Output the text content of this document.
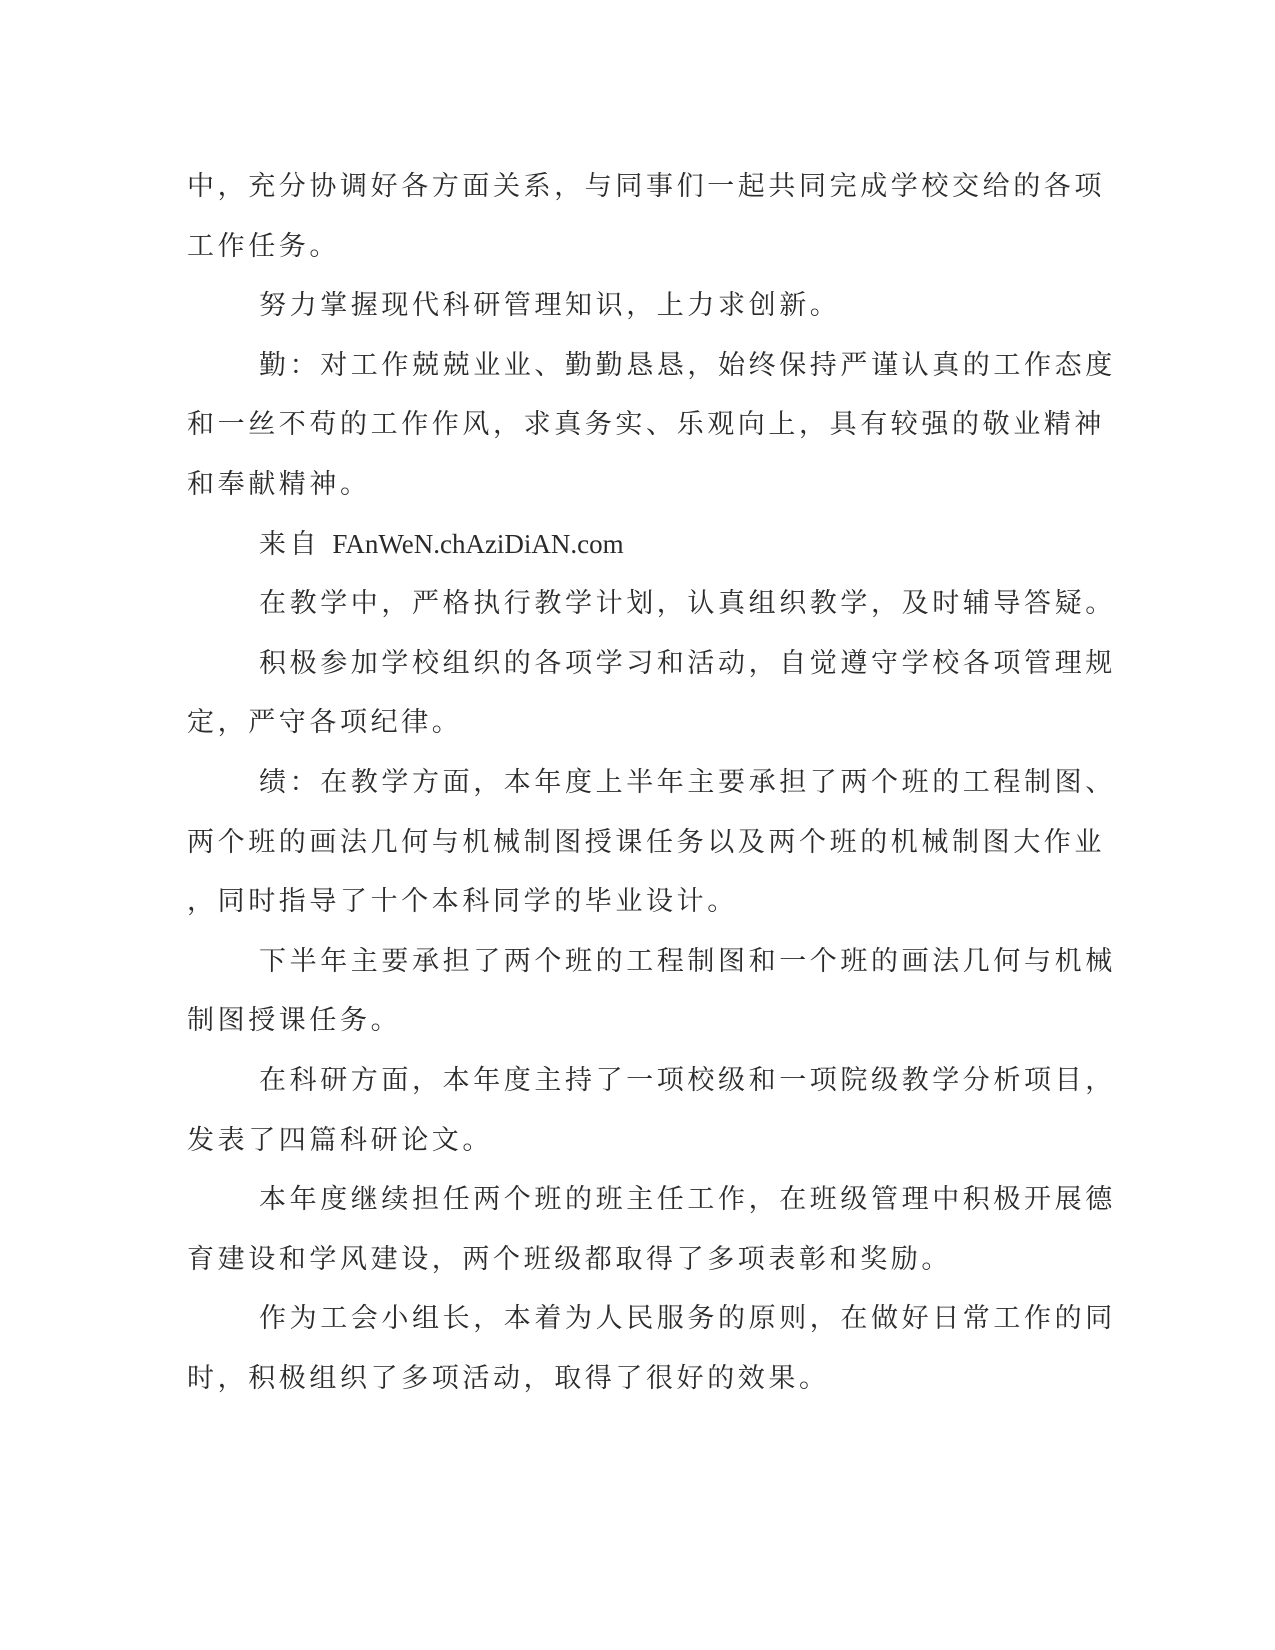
中，充分协调好各方面关系，与同事们一起共同完成学校交给的各项
工作任务。
努力掌握现代科研管理知识，上力求创新。
勤：对工作兢兢业业、勤勤恳恳，始终保持严谨认真的工作态度
和一丝不苟的工作作风，求真务实、乐观向上，具有较强的敬业精神
和奉献精神。
来自 FAnWeN.chAziDiAN.com
在教学中，严格执行教学计划，认真组织教学，及时辅导答疑。
积极参加学校组织的各项学习和活动，自觉遵守学校各项管理规
定，严守各项纪律。
绩：在教学方面，本年度上半年主要承担了两个班的工程制图、
两个班的画法几何与机械制图授课任务以及两个班的机械制图大作业
，同时指导了十个本科同学的毕业设计。
下半年主要承担了两个班的工程制图和一个班的画法几何与机械
制图授课任务。
在科研方面，本年度主持了一项校级和一项院级教学分析项目，
发表了四篇科研论文。
本年度继续担任两个班的班主任工作，在班级管理中积极开展德
育建设和学风建设，两个班级都取得了多项表彰和奖励。
作为工会小组长，本着为人民服务的原则，在做好日常工作的同
时，积极组织了多项活动，取得了很好的效果。
